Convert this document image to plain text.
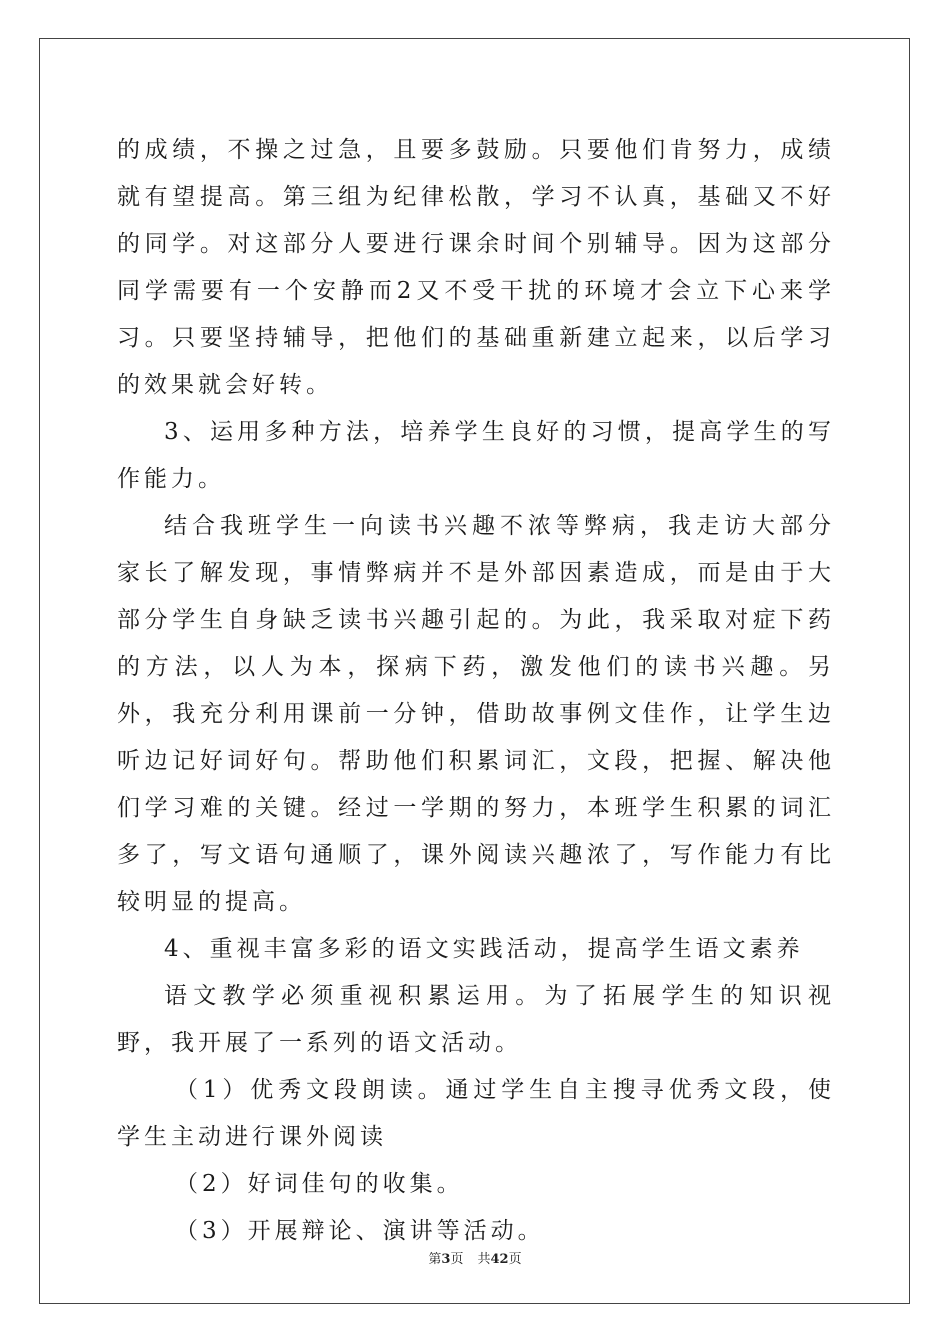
的成绩，不操之过急，且要多鼓励。只要他们肯努力，成绩就有望提高。第三组为纪律松散，学习不认真，基础又不好的同学。对这部分人要进行课余时间个别辅导。因为这部分同学需要有一个安静而2又不受干扰的环境才会立下心来学习。只要坚持辅导，把他们的基础重新建立起来，以后学习的效果就会好转。

3、运用多种方法，培养学生良好的习惯，提高学生的写作能力。

结合我班学生一向读书兴趣不浓等弊病，我走访大部分家长了解发现，事情弊病并不是外部因素造成，而是由于大部分学生自身缺乏读书兴趣引起的。为此，我采取对症下药的方法，以人为本，探病下药，激发他们的读书兴趣。另外，我充分利用课前一分钟，借助故事例文佳作，让学生边听边记好词好句。帮助他们积累词汇，文段，把握、解决他们学习难的关键。经过一学期的努力，本班学生积累的词汇多了，写文语句通顺了，课外阅读兴趣浓了，写作能力有比较明显的提高。

4、重视丰富多彩的语文实践活动，提高学生语文素养

语文教学必须重视积累运用。为了拓展学生的知识视野，我开展了一系列的语文活动。

（1）优秀文段朗读。通过学生自主搜寻优秀文段，使学生主动进行课外阅读

（2）好词佳句的收集。

（3）开展辩论、演讲等活动。

第3页 共42页
